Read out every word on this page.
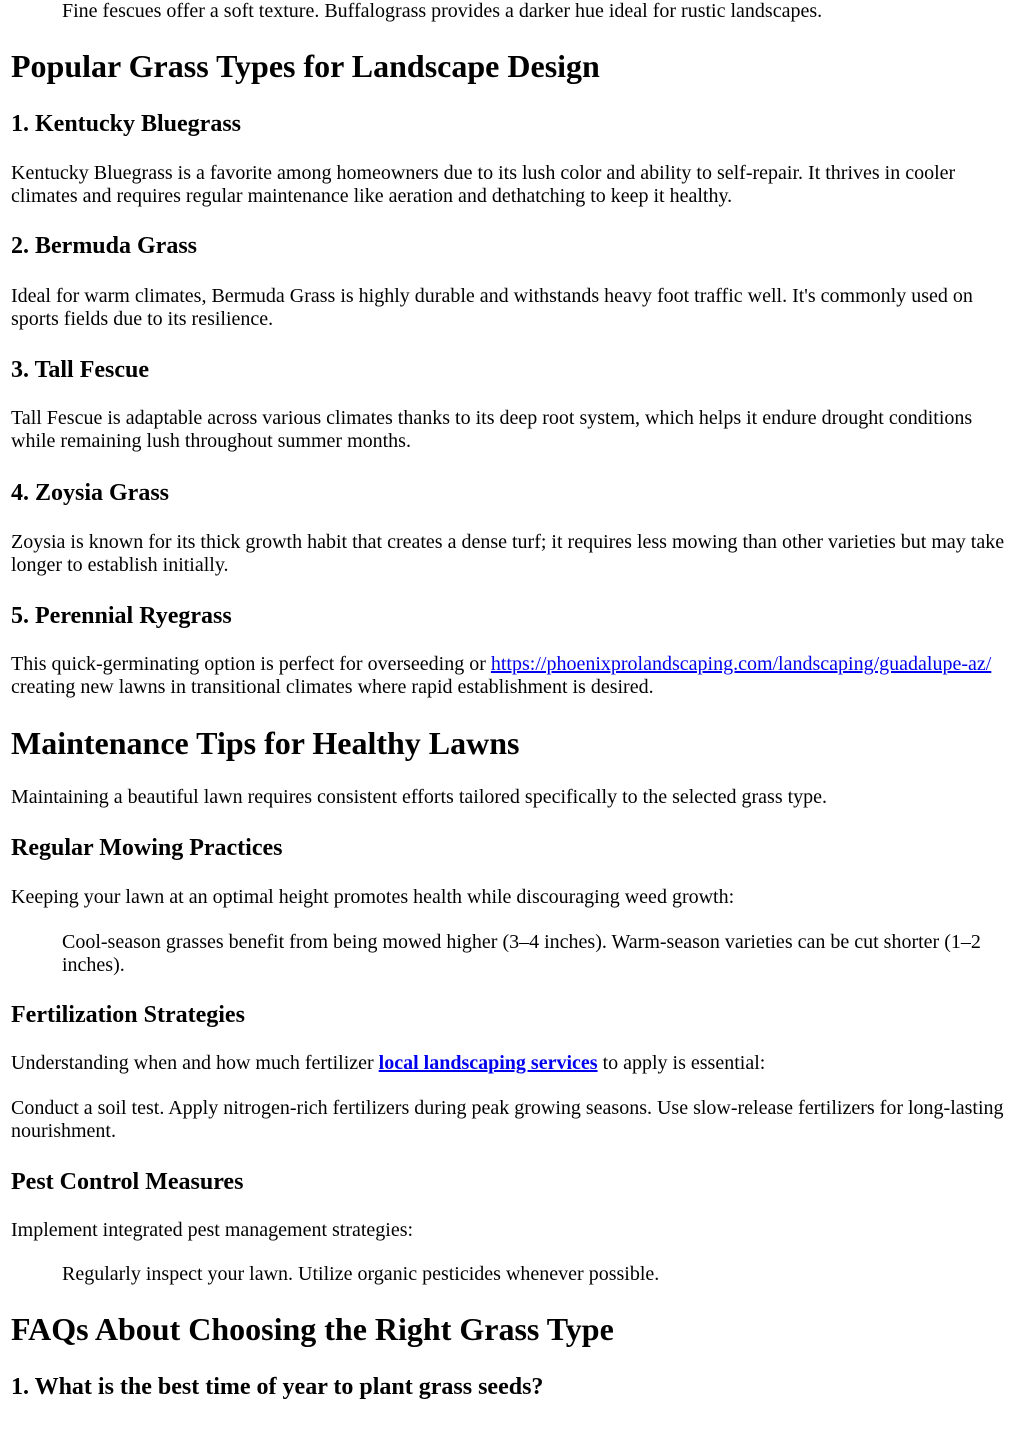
Fine fescues offer a soft texture. Buffalograss provides a darker hue ideal for rustic landscapes.

Popular Grass Types for Landscape Design
1. Kentucky Bluegrass

Kentucky Bluegrass is a favorite among homeowners due to its lush color and ability to self-repair. It thrives in cooler climates and requires regular maintenance like aeration and dethatching to keep it healthy.

2. Bermuda Grass

Ideal for warm climates, Bermuda Grass is highly durable and withstands heavy foot traffic well. It's commonly used on sports fields due to its resilience.

3. Tall Fescue

Tall Fescue is adaptable across various climates thanks to its deep root system, which helps it endure drought conditions while remaining lush throughout summer months.

4. Zoysia Grass

Zoysia is known for its thick growth habit that creates a dense turf; it requires less mowing than other varieties but may take longer to establish initially.

5. Perennial Ryegrass

This quick-germinating option is perfect for overseeding or https://phoenixprolandscaping.com/landscaping/guadalupe-az/ creating new lawns in transitional climates where rapid establishment is desired.

Maintenance Tips for Healthy Lawns

Maintaining a beautiful lawn requires consistent efforts tailored specifically to the selected grass type.

Regular Mowing Practices

Keeping your lawn at an optimal height promotes health while discouraging weed growth:

Cool-season grasses benefit from being mowed higher (3–4 inches). Warm-season varieties can be cut shorter (1–2 inches).

Fertilization Strategies

Understanding when and how much fertilizer local landscaping services to apply is essential:

Conduct a soil test. Apply nitrogen-rich fertilizers during peak growing seasons. Use slow-release fertilizers for long-lasting nourishment.

Pest Control Measures

Implement integrated pest management strategies:

Regularly inspect your lawn. Utilize organic pesticides whenever possible.

FAQs About Choosing the Right Grass Type
1. What is the best time of year to plant grass seeds?
